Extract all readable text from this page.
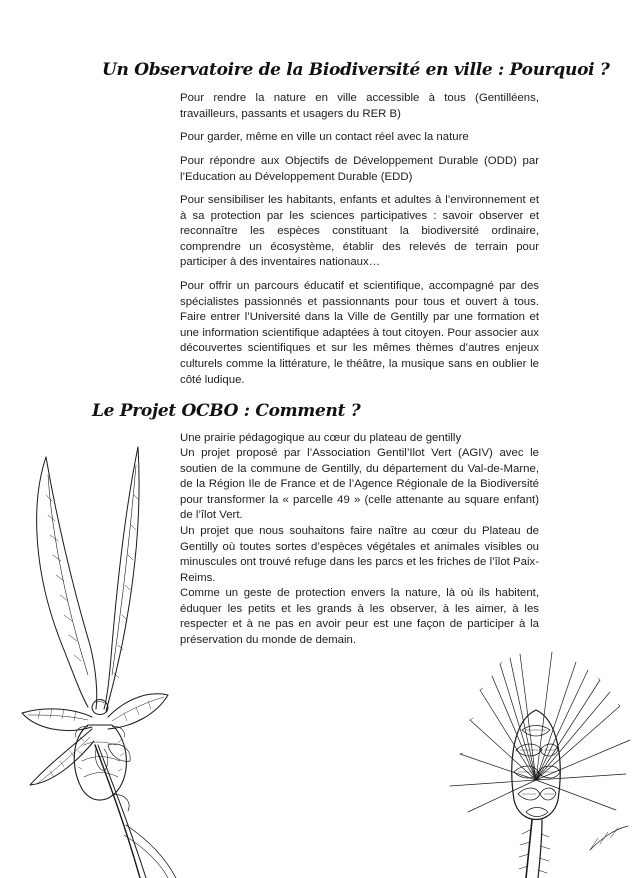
Un Observatoire de la Biodiversité en ville : Pourquoi ?

Pour rendre la nature en ville accessible à tous (Gentilléens, travailleurs, passants et usagers du RER B)

Pour garder, même en ville un contact réel avec la nature

Pour répondre aux Objectifs de Développement Durable (ODD) par l’Education au Développement Durable (EDD)

Pour sensibiliser les habitants, enfants et adultes à l’environnement et à sa protection par les sciences participatives : savoir observer et reconnaître les espèces constituant la biodiversité ordinaire, comprendre un écosystème, établir des relevés de terrain pour participer à des inventaires nationaux…

Pour offrir un parcours éducatif et scientifique, accompagné par des spécialistes passionnés et passionnants pour tous et ouvert à tous. Faire entrer l’Université dans la Ville de Gentilly par une formation et une information scientifique adaptées à tout citoyen. Pour associer aux découvertes scientifiques et sur les mêmes thèmes d’autres enjeux culturels comme la littérature, le théâtre, la musique sans en oublier le côté ludique.

Le Projet OCBO : Comment ?

Une prairie pédagogique au cœur du plateau de gentilly

Un projet proposé par l’Association Gentil’Ilot Vert (AGIV) avec le soutien de la commune de Gentilly, du département du Val-de-Marne, de la Région Ile de France et de l’Agence Régionale de la Biodiversité pour transformer la « parcelle 49 » (celle attenante au square enfant) de l’îlot Vert.

Un projet que nous souhaitons faire naître au cœur du Plateau de Gentilly où toutes sortes d’espèces végétales et animales visibles ou minuscules ont trouvé refuge dans les parcs et les friches de l’îlot Paix-Reims.

Comme un geste de protection envers la nature, là où ils habitent, éduquer les petits et les grands à les observer, à les aimer, à les respecter et à ne pas en avoir peur est une façon de participer à la préservation du monde de demain.
